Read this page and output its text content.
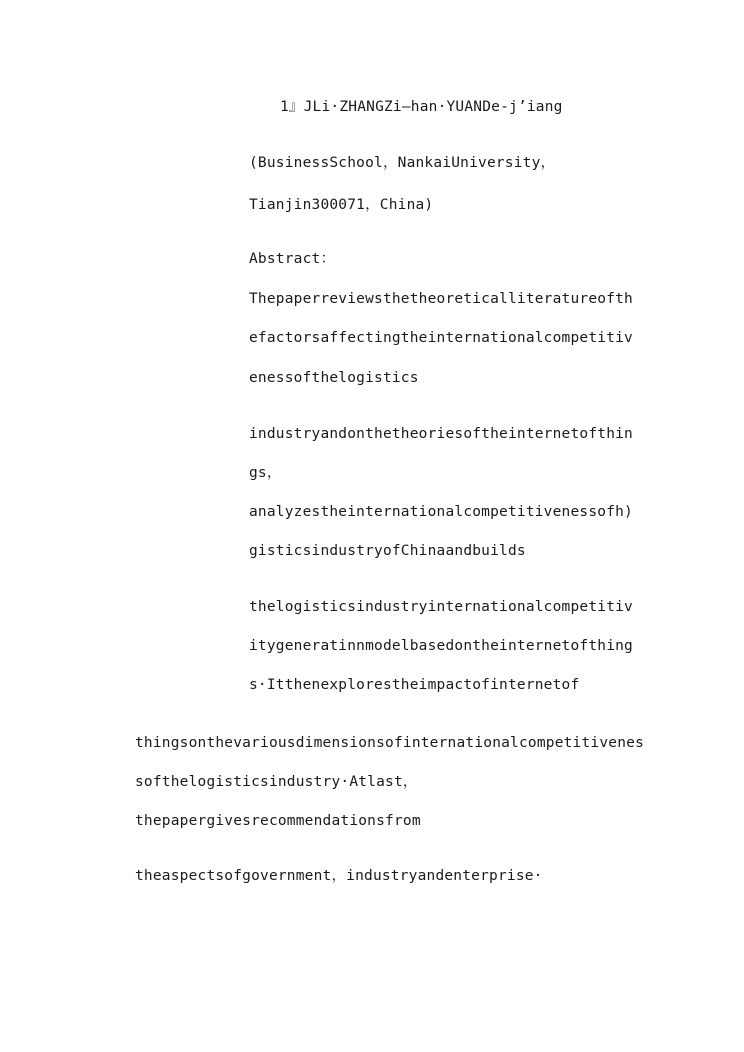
1』JLi·ZHANGZi—han·YUANDe-j’iang
(BusinessSchool，NankaiUniversity，
Tianjin300071，China)
Abstract：
Thepaperreviewsthetheoreticalliteratureofth
efactorsaffectingtheinternationalcompetitiv
enessofthelogistics
industryandonthetheoriesoftheinternetofthin
gs，
analyzestheinternationalcompetitivenessofh)
gisticsindustryofChinaandbuilds
thelogisticsindustryinternationalcompetitiv
itygeneratinnmodelbasedontheinternetofthing
s·Itthenexplorestheimpactofinternetof
thingsonthevariousdimensionsofinternationalcompetitivenes
softhelogisticsindustry·Atlast，
thepapergivesrecommendationsfrom
theaspectsofgovernment，industryandenterprise·
